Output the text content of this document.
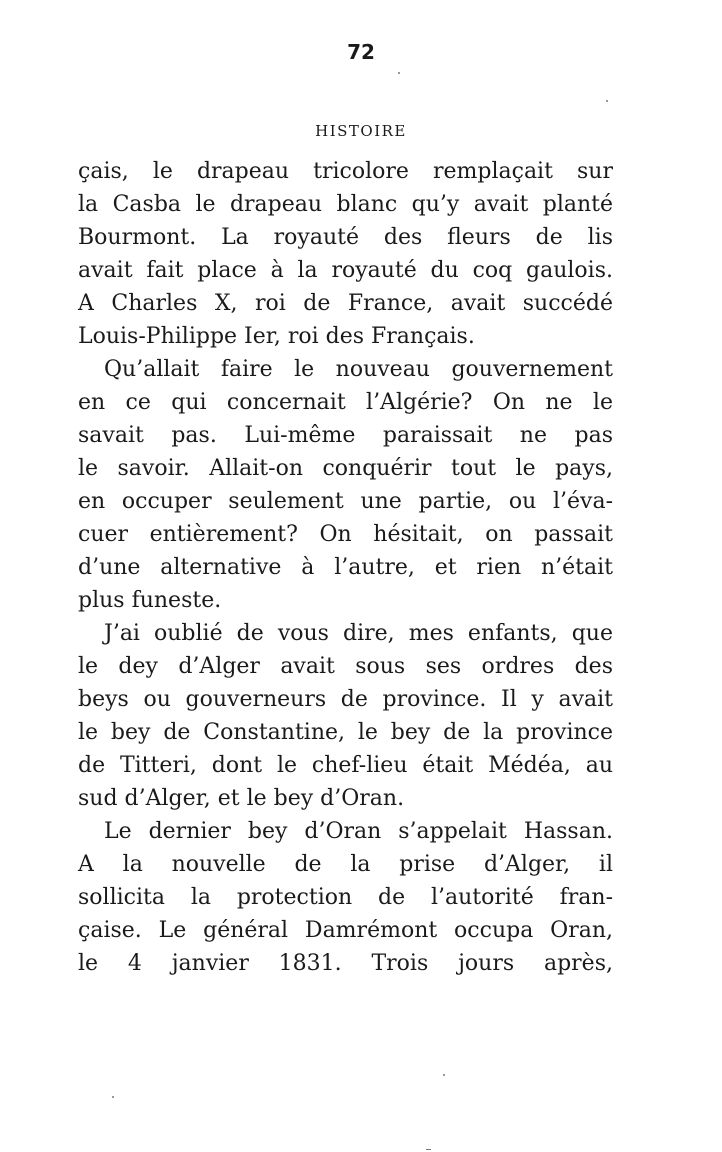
72
HISTOIRE
çais, le drapeau tricolore remplaçait sur
la Casba le drapeau blanc qu’y avait planté
Bourmont. La royauté des fleurs de lis
avait fait place à la royauté du coq gaulois.
A Charles X, roi de France, avait succédé
Louis-Philippe Ier, roi des Français.
Qu’allait faire le nouveau gouvernement
en ce qui concernait l’Algérie? On ne le
savait pas. Lui-même paraissait ne pas
le savoir. Allait-on conquérir tout le pays,
en occuper seulement une partie, ou l’éva-
cuer entièrement? On hésitait, on passait
d’une alternative à l’autre, et rien n’était
plus funeste.
J’ai oublié de vous dire, mes enfants, que
le dey d’Alger avait sous ses ordres des
beys ou gouverneurs de province. Il y avait
le bey de Constantine, le bey de la province
de Titteri, dont le chef-lieu était Médéa, au
sud d’Alger, et le bey d’Oran.
Le dernier bey d’Oran s’appelait Hassan.
A la nouvelle de la prise d’Alger, il
sollicita la protection de l’autorité fran-
çaise. Le général Damrémont occupa Oran,
le 4 janvier 1831. Trois jours après,
